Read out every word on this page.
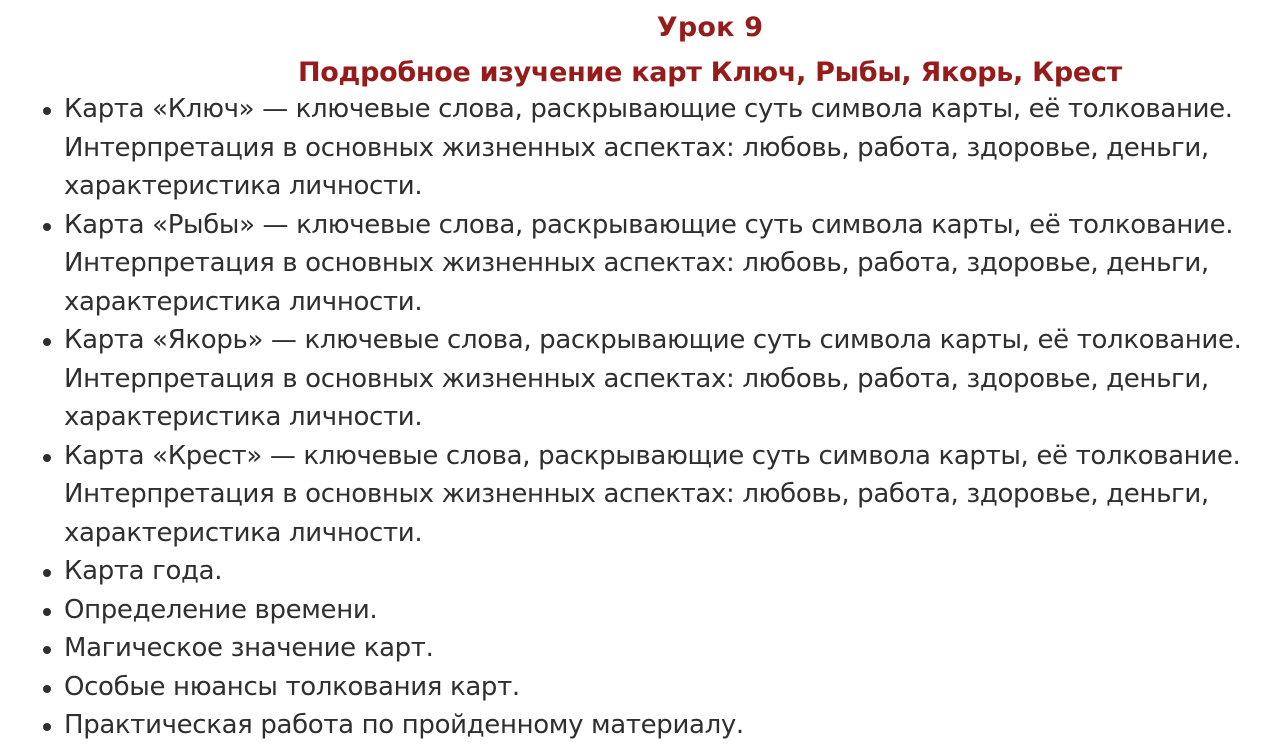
Урок 9
Подробное изучение карт Ключ, Рыбы, Якорь, Крест
Карта «Ключ» — ключевые слова, раскрывающие суть символа карты, её толкование.
Интерпретация в основных жизненных аспектах: любовь, работа, здоровье, деньги,
характеристика личности.
Карта «Рыбы» — ключевые слова, раскрывающие суть символа карты, её толкование.
Интерпретация в основных жизненных аспектах: любовь, работа, здоровье, деньги,
характеристика личности.
Карта «Якорь» — ключевые слова, раскрывающие суть символа карты, её толкование.
Интерпретация в основных жизненных аспектах: любовь, работа, здоровье, деньги,
характеристика личности.
Карта «Крест» — ключевые слова, раскрывающие суть символа карты, её толкование.
Интерпретация в основных жизненных аспектах: любовь, работа, здоровье, деньги,
характеристика личности.
Карта года.
Определение времени.
Магическое значение карт.
Особые нюансы толкования карт.
Практическая работа по пройденному материалу.
